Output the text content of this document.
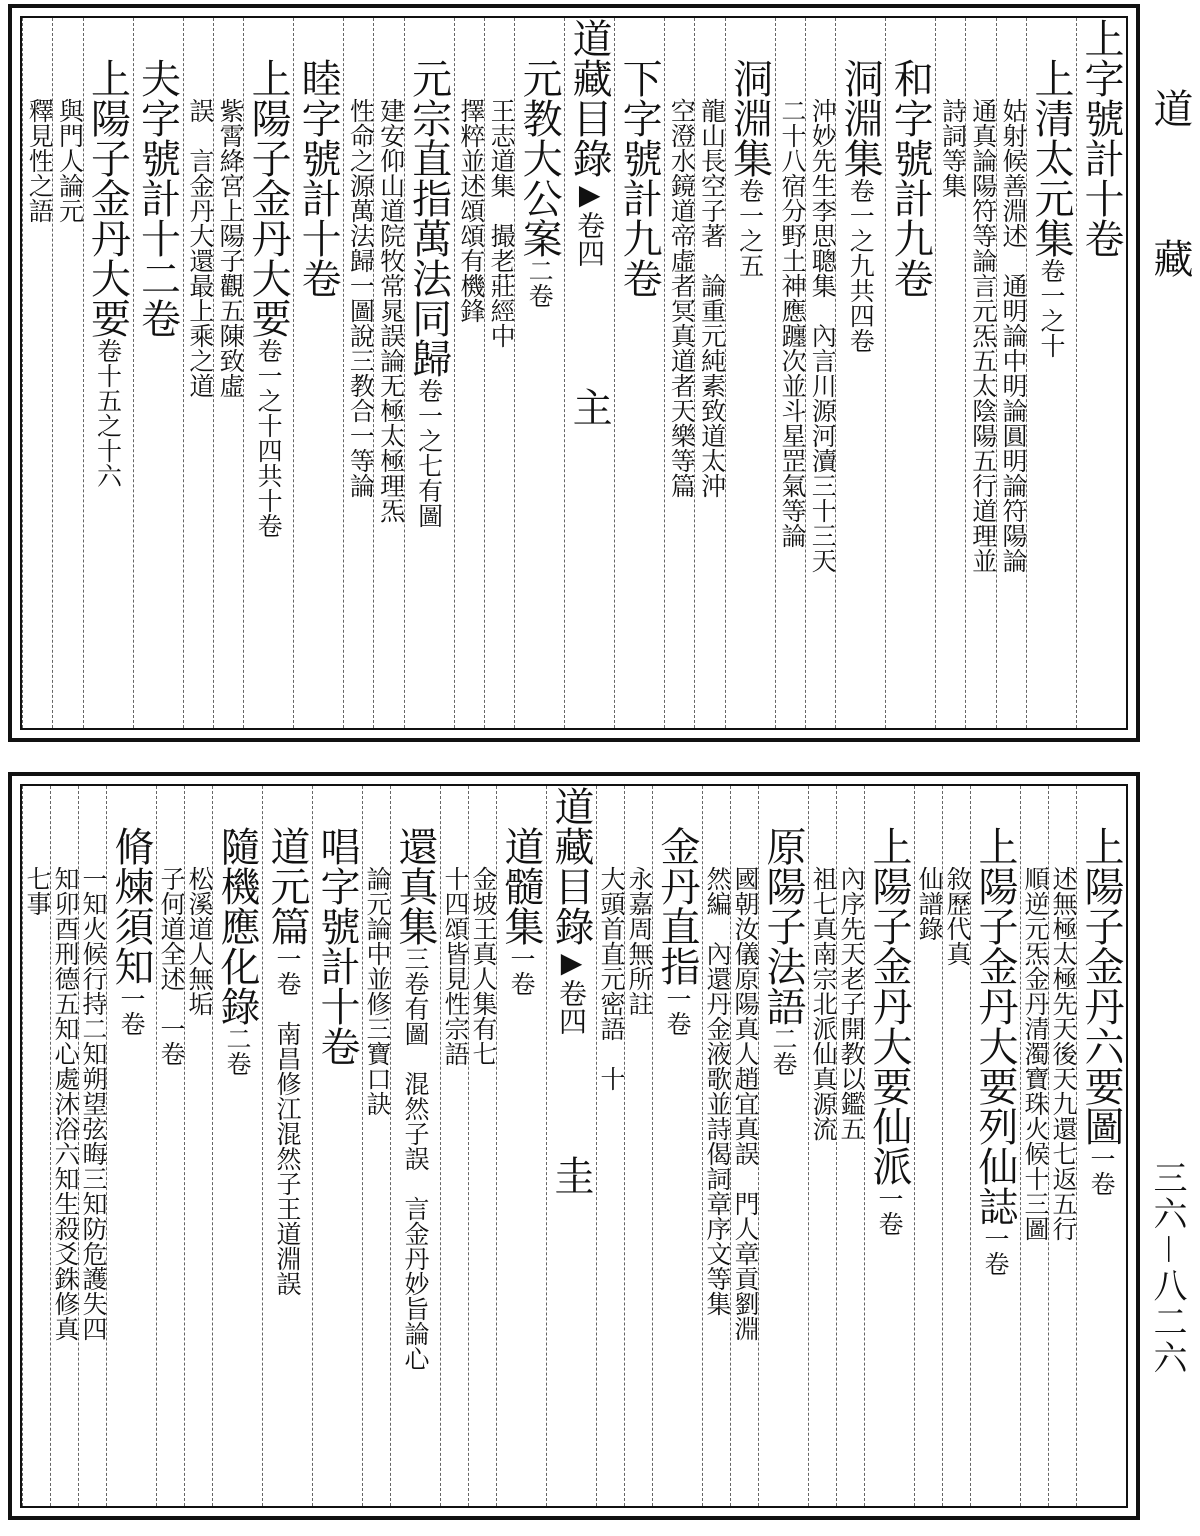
道藏
三六－八二六
上字號計十卷
上清太元集卷一之十
姑射候善淵述　通明論中明論圓明論符陽論
通真論陽符等論言元炁五太陰陽五行道理並
詩詞等集
和字號計九卷
洞淵集卷一之九共四卷
沖妙先生李思聰集　內言川源河瀆三十三天
二十八宿分野土神應躔次並斗星罡氣等論
洞淵集卷一之五
龍山長空子著　論重元純素致道太沖
空澄水鏡道帝虛者冥真道者天樂等篇
下字號計九卷
道藏目錄▶卷四主
元教大公案二卷
王志道集　撮老莊經中
擇粹並述頌頌有機鋒
元宗直指萬法同歸卷一之七有圖
建安仰山道院牧常晁誤論无極太極理炁
性命之源萬法歸一圖說三教合一等論
睦字號計十卷
上陽子金丹大要卷一之十四共十卷
紫霄絳宮上陽子觀五陳致虛
誤　言金丹大還最上乘之道
夫字號計十二卷
上陽子金丹大要卷十五之十六
與門人論元
釋見性之語
上陽子金丹六要圖一卷
述無極太極先天後天九還七返五行
順逆元炁金丹清濁寶珠火候十三圖
上陽子金丹大要列仙誌一卷
敘歷代真
仙譜錄
上陽子金丹大要仙派一卷
內序先天老子開教以鑑五
祖七真南宗北派仙真源流
原陽子法語二卷
國朝汝儀原陽真人趙宜真誤　門人章貢劉淵
然編　內還丹金液歌並詩偈詞章序文等集
金丹直指一卷
永嘉周無所註
大頭首直元密語　十
道藏目錄▶卷四圭
道髓集一卷
金坡王真人集有七
十四頌皆見性宗語
還真集三卷有圖　混然子誤　言金丹妙旨論心
論元論中並修三寶口訣
唱字號計十卷
道元篇一卷　南昌修江混然子王道淵誤
隨機應化錄二卷
松溪道人無垢
子何道全述　一卷
脩煉須知一卷
一知火候行持二知朔望弦晦三知防危護失四
知卯酉刑德五知心處沐浴六知生殺爻銖修真
七事
